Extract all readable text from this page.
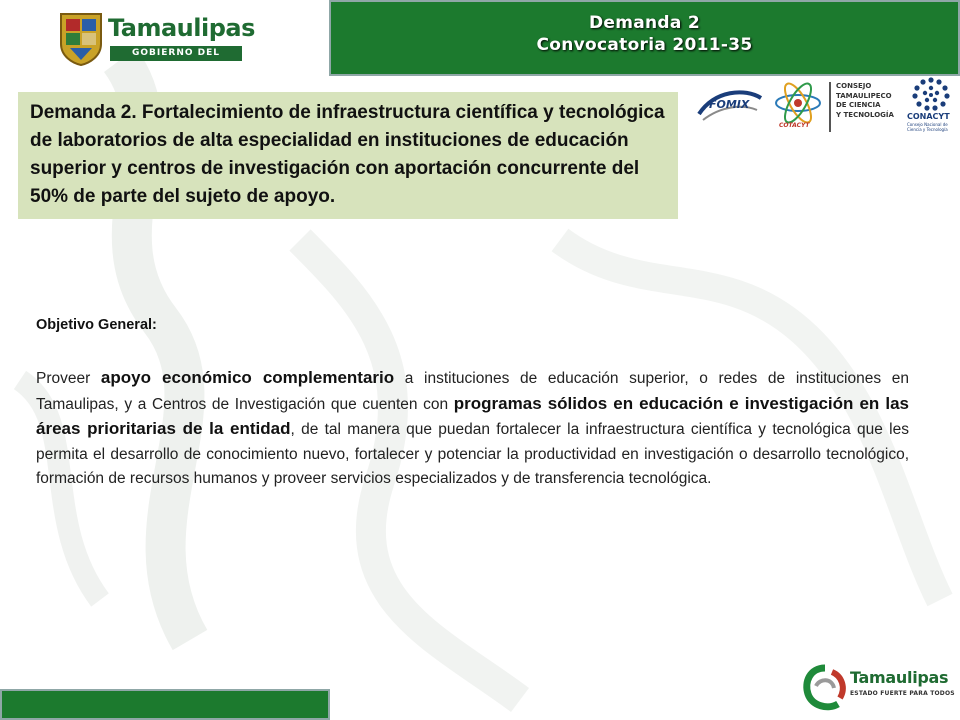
Tamaulipas
GOBIERNO DEL ESTADO
Demanda 2
Convocatoria 2011-35
Demanda 2. Fortalecimiento de infraestructura científica y tecnológica de laboratorios de alta especialidad en instituciones de educación superior y centros de investigación con aportación concurrente del 50% de parte del sujeto de apoyo.
FOMIX
COTACYT
CONSEJO
TAMAULIPECO
DE CIENCIA
Y TECNOLOGÍA CONACYT
Consejo Nacional de Ciencia y Tecnología
Objetivo General:

Proveer apoyo económico complementario a instituciones de educación superior, o redes de instituciones en Tamaulipas, y a Centros de Investigación que cuenten con programas sólidos en educación e investigación en las áreas prioritarias de la entidad, de tal manera que puedan fortalecer la infraestructura científica y tecnológica que les permita el desarrollo de conocimiento nuevo, fortalecer y potenciar la productividad en investigación o desarrollo tecnológico, formación de recursos humanos y proveer servicios especializados y de transferencia tecnológica.

Tamaulipas
ESTADO FUERTE PARA TODOS
